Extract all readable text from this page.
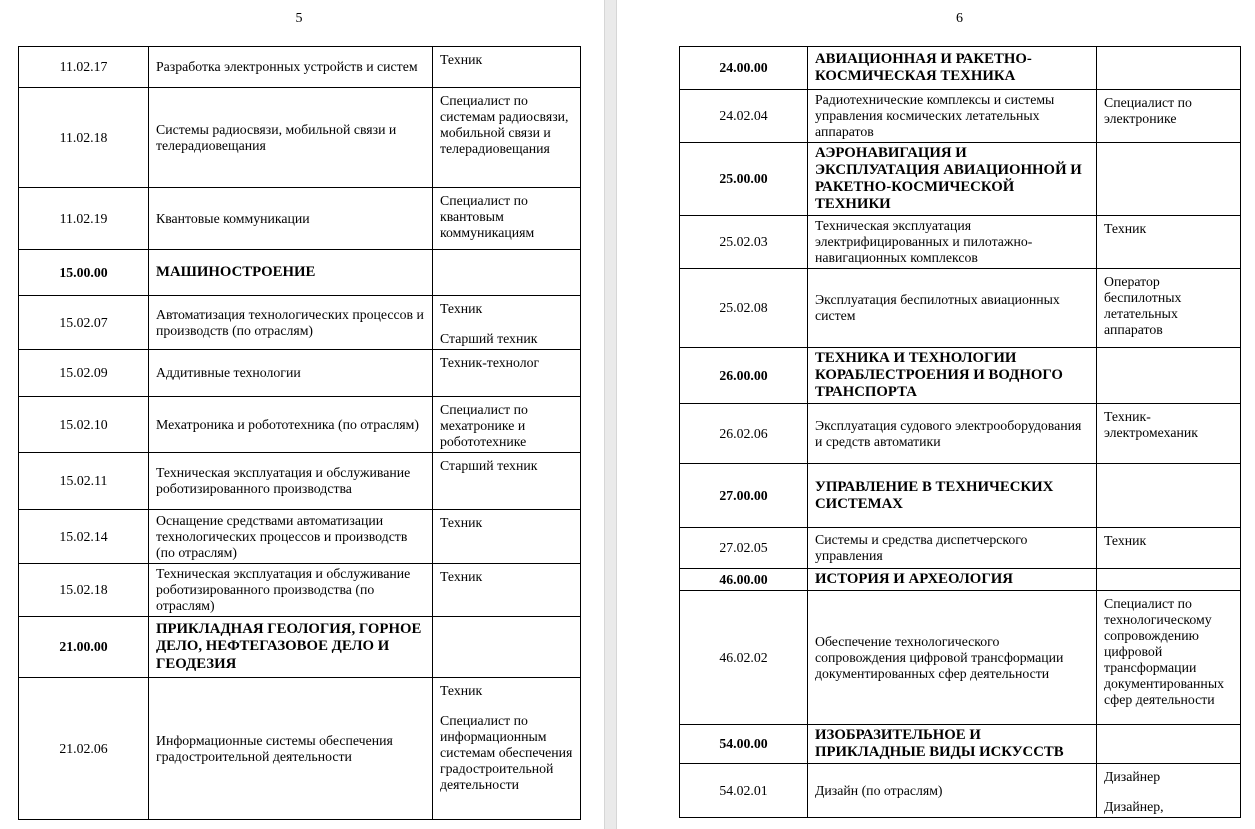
5
11.02.17	Разработка электронных устройств и систем	Техник

11.02.18	Системы радиосвязи, мобильной связи и телерадиовещания	Специалист по системам радиосвязи, мобильной связи и телерадиовещания

11.02.19	Квантовые коммуникации	Специалист по квантовым коммуникациям

15.00.00	МАШИНОСТРОЕНИЕ	
15.02.07	Автоматизация технологических процессов и производств (по отраслям)	Техник

Старший техник

15.02.09	Аддитивные технологии	Техник-технолог

15.02.10	Мехатроника и робототехника (по отраслям)	Специалист по мехатронике и робототехнике

15.02.11	Техническая эксплуатация и обслуживание роботизированного производства	Старший техник

15.02.14	Оснащение средствами автоматизации технологических процессов и производств (по отраслям)	Техник

15.02.18	Техническая эксплуатация и обслуживание роботизированного производства (по отраслям)	Техник

21.00.00	ПРИКЛАДНАЯ ГЕОЛОГИЯ, ГОРНОЕ ДЕЛО, НЕФТЕГАЗОВОЕ ДЕЛО И ГЕОДЕЗИЯ	
21.02.06	Информационные системы обеспечения градостроительной деятельности	Техник

Специалист по информационным системам обеспечения градостроительной деятельности

6
24.00.00	АВИАЦИОННАЯ И РАКЕТНО-КОСМИЧЕСКАЯ ТЕХНИКА	
24.02.04	Радиотехнические комплексы и системы управления космических летательных аппаратов	Специалист по электронике

25.00.00	АЭРОНАВИГАЦИЯ И ЭКСПЛУАТАЦИЯ АВИАЦИОННОЙ И РАКЕТНО-КОСМИЧЕСКОЙ ТЕХНИКИ	
25.02.03	Техническая эксплуатация электрифицированных и пилотажно-навигационных комплексов	Техник

25.02.08	Эксплуатация беспилотных авиационных систем	Оператор беспилотных летательных аппаратов

26.00.00	ТЕХНИКА И ТЕХНОЛОГИИ КОРАБЛЕСТРОЕНИЯ И ВОДНОГО ТРАНСПОРТА	
26.02.06	Эксплуатация судового электрооборудования и средств автоматики	Техник-электромеханик

27.00.00	УПРАВЛЕНИЕ В ТЕХНИЧЕСКИХ СИСТЕМАХ	
27.02.05	Системы и средства диспетчерского управления	Техник

46.00.00	ИСТОРИЯ И АРХЕОЛОГИЯ	
46.02.02	Обеспечение технологического сопровождения цифровой трансформации документированных сфер деятельности	Специалист по технологическому сопровождению цифровой трансформации документированных сфер деятельности

54.00.00	ИЗОБРАЗИТЕЛЬНОЕ И ПРИКЛАДНЫЕ ВИДЫ ИСКУССТВ	
54.02.01	Дизайн (по отраслям)	Дизайнер

Дизайнер,
